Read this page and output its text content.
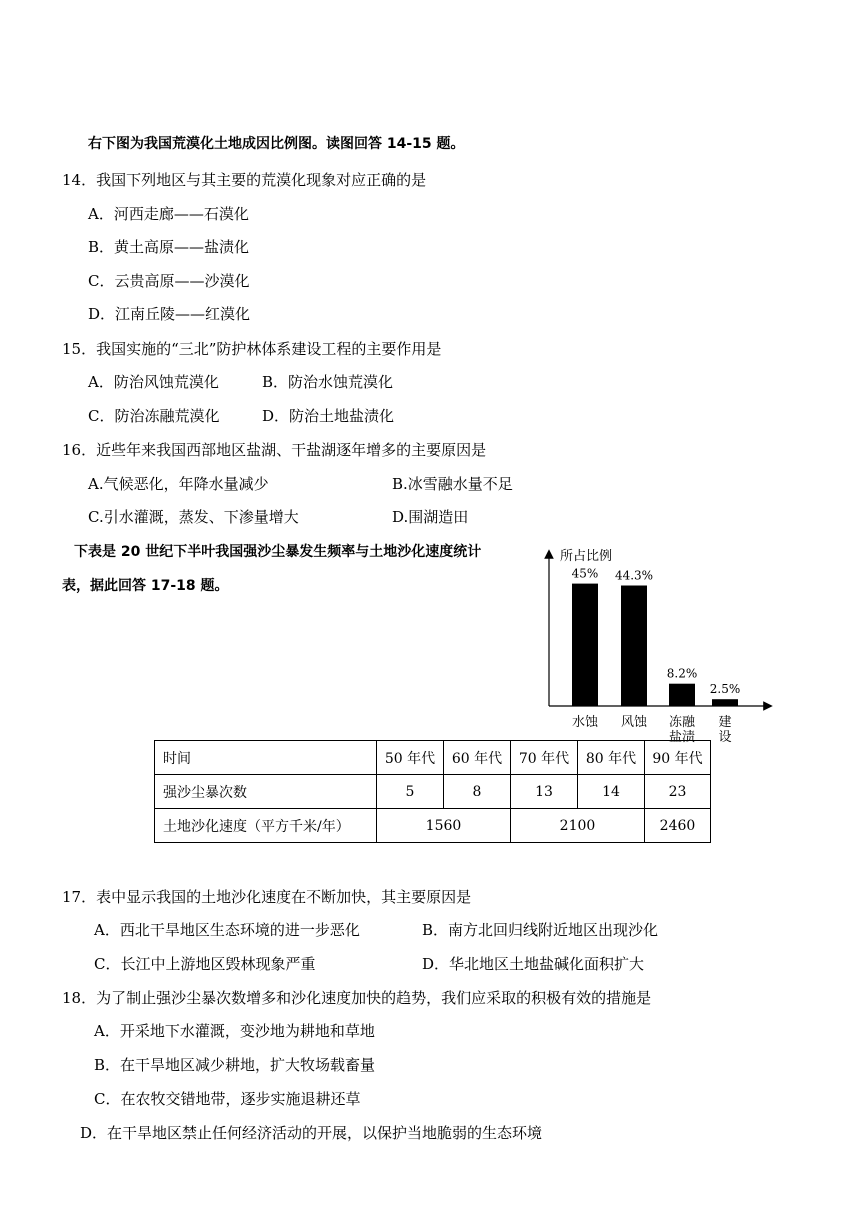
右下图为我国荒漠化土地成因比例图。读图回答 14-15 题。
14．我国下列地区与其主要的荒漠化现象对应正确的是
A．河西走廊——石漠化
B．黄土高原——盐渍化
C．云贵高原——沙漠化
D．江南丘陵——红漠化
15．我国实施的“三北”防护林体系建设工程的主要作用是
A．防治风蚀荒漠化	B．防治水蚀荒漠化
C．防治冻融荒漠化	D．防治土地盐渍化
16．近些年来我国西部地区盐湖、干盐湖逐年增多的主要原因是
A.气候恶化，年降水量减少	B.冰雪融水量不足
C.引水灌溉，蒸发、下渗量增大	D.围湖造田
下表是 20 世纪下半叶我国强沙尘暴发生频率与土地沙化速度统计
表，据此回答 17-18 题。
所占比例
45%
水蚀
44.3%
风蚀
8.2%
冻融
盐渍
2.5%
建
设
时间	50 年代	60 年代	70 年代	80 年代	90 年代
强沙尘暴次数	5	8	13	14	23
土地沙化速度（平方千米/年）	1560		2100		2460
17．表中显示我国的土地沙化速度在不断加快，其主要原因是
A．西北干旱地区生态环境的进一步恶化	B．南方北回归线附近地区出现沙化
C．长江中上游地区毁林现象严重	D．华北地区土地盐碱化面积扩大
18．为了制止强沙尘暴次数增多和沙化速度加快的趋势，我们应采取的积极有效的措施是
A．开采地下水灌溉，变沙地为耕地和草地
B．在干旱地区减少耕地，扩大牧场载畜量
C．在农牧交错地带，逐步实施退耕还草
D．在干旱地区禁止任何经济活动的开展，以保护当地脆弱的生态环境
